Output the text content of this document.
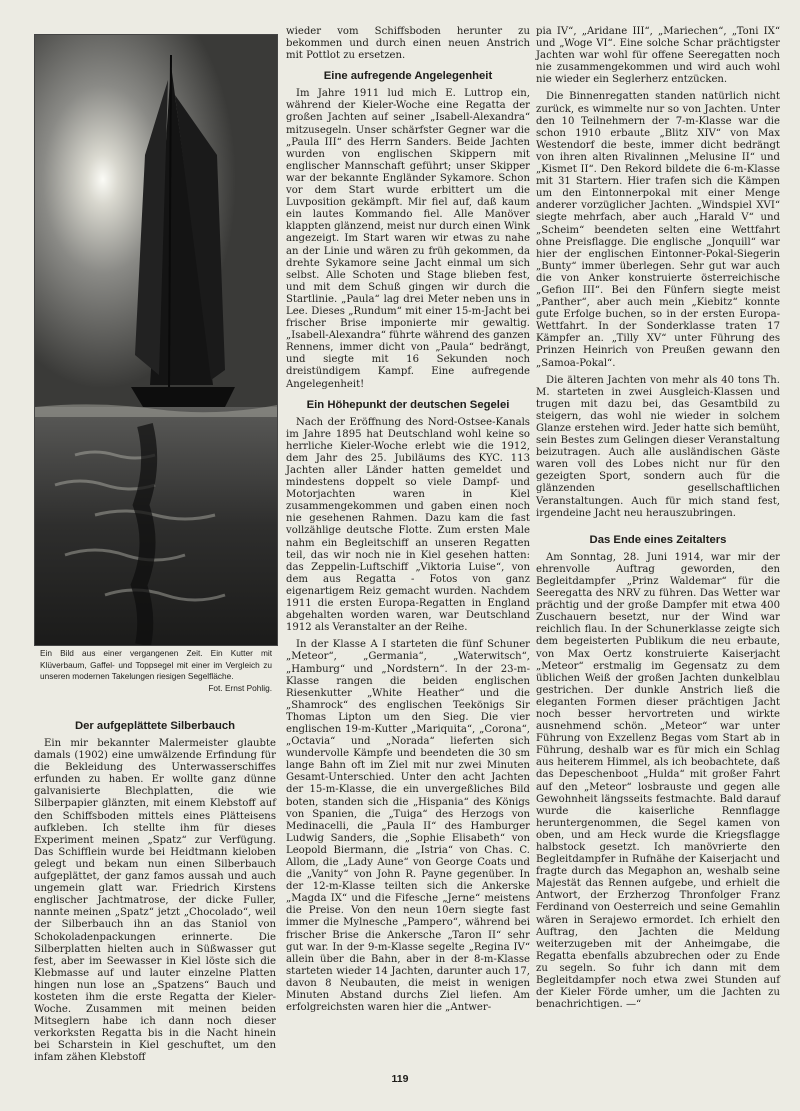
Ein Bild aus einer vergangenen Zeit. Ein Kutter mit Klüverbaum, Gaffel- und Toppsegel mit einer im Vergleich zu unseren modernen Takelungen riesigen Segelfläche.
Fot. Ernst Pohlig.

Der aufgeplättete Silberbauch

Ein mir bekannter Malermeister glaubte damals (1902) eine umwälzende Erfindung für die Bekleidung des Unterwasserschiffes erfunden zu haben. Er wollte ganz dünne galvanisierte Blechplatten, die wie Silberpapier glänzten, mit einem Klebstoff auf den Schiffsboden mittels eines Plätteisens aufkleben. Ich stellte ihm für dieses Experiment meinen „Spatz“ zur Verfügung. Das Schifflein wurde bei Heidtmann kieloben gelegt und bekam nun einen Silberbauch aufgeplättet, der ganz famos aussah und auch ungemein glatt war. Friedrich Kirstens englischer Jachtmatrose, der dicke Fuller, nannte meinen „Spatz“ jetzt „Chocolado“, weil der Silberbauch ihn an das Staniol von Schokoladenpackungen erinnerte. Die Silberplatten hielten auch in Süßwasser gut fest, aber im Seewasser in Kiel löste sich die Klebmasse auf und lauter einzelne Platten hingen nun lose an „Spatzens“ Bauch und kosteten ihm die erste Regatta der Kieler-Woche. Zusammen mit meinen beiden Mitseglern habe ich dann noch dieser verkorksten Regatta bis in die Nacht hinein bei Scharstein in Kiel geschuftet, um den infam zähen Klebstoff

wieder vom Schiffsboden herunter zu bekommen und durch einen neuen Anstrich mit Pottlot zu ersetzen.

Eine aufregende Angelegenheit

Im Jahre 1911 lud mich E. Luttrop ein, während der Kieler-Woche eine Regatta der großen Jachten auf seiner „Isabell-Alexandra“ mitzusegeln. Unser schärfster Gegner war die „Paula III“ des Herrn Sanders. Beide Jachten wurden von englischen Skippern mit englischer Mannschaft geführt; unser Skipper war der bekannte Engländer Sykamore. Schon vor dem Start wurde erbittert um die Luvposition gekämpft. Mir fiel auf, daß kaum ein lautes Kommando fiel. Alle Manöver klappten glänzend, meist nur durch einen Wink angezeigt. Im Start waren wir etwas zu nahe an der Linie und wären zu früh gekommen, da drehte Sykamore seine Jacht einmal um sich selbst. Alle Schoten und Stage blieben fest, und mit dem Schuß gingen wir durch die Startlinie. „Paula“ lag drei Meter neben uns in Lee. Dieses „Rundum“ mit einer 15-m-Jacht bei frischer Brise imponierte mir gewaltig. „Isabell-Alexandra“ führte während des ganzen Rennens, immer dicht von „Paula“ bedrängt, und siegte mit 16 Sekunden noch dreistündigem Kampf. Eine aufregende Angelegenheit!

Ein Höhepunkt der deutschen Segelei

Nach der Eröffnung des Nord-Ostsee-Kanals im Jahre 1895 hat Deutschland wohl keine so herrliche Kieler-Woche erlebt wie die 1912, dem Jahr des 25. Jubiläums des KYC. 113 Jachten aller Länder hatten gemeldet und mindestens doppelt so viele Dampf- und Motorjachten waren in Kiel zusammengekommen und gaben einen noch nie gesehenen Rahmen. Dazu kam die fast vollzählige deutsche Flotte. Zum ersten Male nahm ein Begleitschiff an unseren Regatten teil, das wir noch nie in Kiel gesehen hatten: das Zeppelin-Luftschiff „Viktoria Luise“, von dem aus Regatta - Fotos von ganz eigenartigem Reiz gemacht wurden. Nachdem 1911 die ersten Europa-Regatten in England abgehalten worden waren, war Deutschland 1912 als Veranstalter an der Reihe.

In der Klasse A I starteten die fünf Schuner „Meteor“, „Germania“, „Waterwitsch“, „Hamburg“ und „Nordstern“. In der 23-m-Klasse rangen die beiden englischen Riesenkutter „White Heather“ und die „Shamrock“ des englischen Teekönigs Sir Thomas Lipton um den Sieg. Die vier englischen 19-m-Kutter „Mariquita“, „Corona“, „Octavia“ und „Norada“ lieferten sich wundervolle Kämpfe und beendeten die 30 sm lange Bahn oft im Ziel mit nur zwei Minuten Gesamt-Unterschied. Unter den acht Jachten der 15-m-Klasse, die ein unvergeßliches Bild boten, standen sich die „Hispania“ des Königs von Spanien, die „Tuiga“ des Herzogs von Medinacelli, die „Paula II“ des Hamburger Ludwig Sanders, die „Sophie Elisabeth“ von Leopold Biermann, die „Istria“ von Chas. C. Allom, die „Lady Aune“ von George Coats und die „Vanity“ von John R. Payne gegenüber. In der 12-m-Klasse teilten sich die Ankerske „Magda IX“ und die Fifesche „Jerne“ meistens die Preise. Von den neun 10ern siegte fast immer die Mylnesche „Pampero“, während bei frischer Brise die Ankersche „Taron II“ sehr gut war. In der 9-m-Klasse segelte „Regina IV“ allein über die Bahn, aber in der 8-m-Klasse starteten wieder 14 Jachten, darunter auch 17, davon 8 Neubauten, die meist in wenigen Minuten Abstand durchs Ziel liefen. Am erfolgreichsten waren hier die „Antwer-

pia IV“, „Aridane III“, „Mariechen“, „Toni IX“ und „Woge VI“. Eine solche Schar prächtigster Jachten war wohl für offene Seeregatten noch nie zusammengekommen und wird auch wohl nie wieder ein Seglerherz entzücken.

Die Binnenregatten standen natürlich nicht zurück, es wimmelte nur so von Jachten. Unter den 10 Teilnehmern der 7-m-Klasse war die schon 1910 erbaute „Blitz XIV“ von Max Westendorf die beste, immer dicht bedrängt von ihren alten Rivalinnen „Melusine II“ und „Kismet II“. Den Rekord bildete die 6-m-Klasse mit 31 Startern. Hier trafen sich die Kämpen um den Eintonnerpokal mit einer Menge anderer vorzüglicher Jachten. „Windspiel XVI“ siegte mehrfach, aber auch „Harald V“ und „Scheim“ beendeten selten eine Wettfahrt ohne Preisflagge. Die englische „Jonquill“ war hier der englischen Eintonner-Pokal-Siegerin „Bunty“ immer überlegen. Sehr gut war auch die von Anker konstruierte österreichische „Gefion III“. Bei den Fünfern siegte meist „Panther“, aber auch mein „Kiebitz“ konnte gute Erfolge buchen, so in der ersten Europa-Wettfahrt. In der Sonderklasse traten 17 Kämpfer an. „Tilly XV“ unter Führung des Prinzen Heinrich von Preußen gewann den „Samoa-Pokal“.

Die älteren Jachten von mehr als 40 tons Th. M. starteten in zwei Ausgleich-Klassen und trugen mit dazu bei, das Gesamtbild zu steigern, das wohl nie wieder in solchem Glanze erstehen wird. Jeder hatte sich bemüht, sein Bestes zum Gelingen dieser Veranstaltung beizutragen. Auch alle ausländischen Gäste waren voll des Lobes nicht nur für den gezeigten Sport, sondern auch für die glänzenden gesellschaftlichen Veranstaltungen. Auch für mich stand fest, irgendeine Jacht neu herauszubringen.

Das Ende eines Zeitalters

Am Sonntag, 28. Juni 1914, war mir der ehrenvolle Auftrag geworden, den Begleitdampfer „Prinz Waldemar“ für die Seeregatta des NRV zu führen. Das Wetter war prächtig und der große Dampfer mit etwa 400 Zuschauern besetzt, nur der Wind war reichlich flau. In der Schunerklasse zeigte sich dem begeisterten Publikum die neu erbaute, von Max Oertz konstruierte Kaiserjacht „Meteor“ erstmalig im Gegensatz zu dem üblichen Weiß der großen Jachten dunkelblau gestrichen. Der dunkle Anstrich ließ die eleganten Formen dieser prächtigen Jacht noch besser hervortreten und wirkte ausnehmend schön. „Meteor“ war unter Führung von Exzellenz Begas vom Start ab in Führung, deshalb war es für mich ein Schlag aus heiterem Himmel, als ich beobachtete, daß das Depeschenboot „Hulda“ mit großer Fahrt auf den „Meteor“ losbrauste und gegen alle Gewohnheit längsseits festmachte. Bald darauf wurde die kaiserliche Rennflagge heruntergenommen, die Segel kamen von oben, und am Heck wurde die Kriegsflagge halbstock gesetzt. Ich manövrierte den Begleitdampfer in Rufnähe der Kaiserjacht und fragte durch das Megaphon an, weshalb seine Majestät das Rennen aufgebe, und erhielt die Antwort, der Erzherzog Thronfolger Franz Ferdinand von Oesterreich und seine Gemahlin wären in Serajewo ermordet. Ich erhielt den Auftrag, den Jachten die Meldung weiterzugeben mit der Anheimgabe, die Regatta ebenfalls abzubrechen oder zu Ende zu segeln. So fuhr ich dann mit dem Begleitdampfer noch etwa zwei Stunden auf der Kieler Förde umher, um die Jachten zu benachrichtigen. —“

119
